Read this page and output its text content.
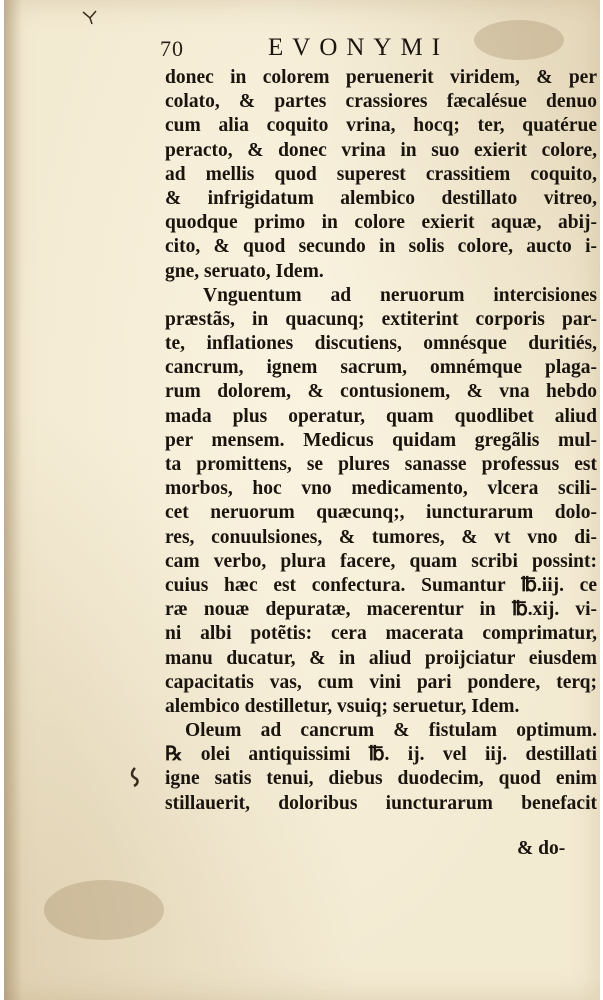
70	EVONYMI
donec in colorem peruenerit viridem, & per
colato, & partes crassiores fæcalésue denuo
cum alia coquito vrina, hocq; ter, quatérue
peracto, & donec vrina in suo exierit colore,
ad mellis quod superest crassitiem coquito,
& infrigidatum alembico destillato vitreo,
quodque primo in colore exierit aquæ, abij-
cito, & quod secundo in solis colore, aucto i-
gne, seruato, Idem.
Vnguentum ad neruorum intercisiones
præstãs, in quacunq; extiterint corporis par-
te, inflationes discutiens, omnésque duritiés,
cancrum, ignem sacrum, omnémque plaga-
rum dolorem, & contusionem, & vna hebdo
mada plus operatur, quam quodlibet aliud
per mensem. Medicus quidam gregãlis mul-
ta promittens, se plures sanasse professus est
morbos, hoc vno medicamento, vlcera scili-
cet neruorum quæcunq;, iuncturarum dolo-
res, conuulsiones, & tumores, & vt vno di-
cam verbo, plura facere, quam scribi possint:
cuius hæc est confectura. Sumantur ℔.iij. ce
ræ nouæ depuratæ, macerentur in ℔.xij. vi-
ni albi potẽtis: cera macerata comprimatur,
manu ducatur, & in aliud proijciatur eiusdem
capacitatis vas, cum vini pari pondere, terq;
alembico destilletur, vsuiq; seruetur, Idem.
Oleum ad cancrum & fistulam optimum.
℞ olei antiquissimi ℔. ij. vel iij. destillati
igne satis tenui, diebus duodecim, quod enim
stillauerit, doloribus iuncturarum benefacit
& do-
